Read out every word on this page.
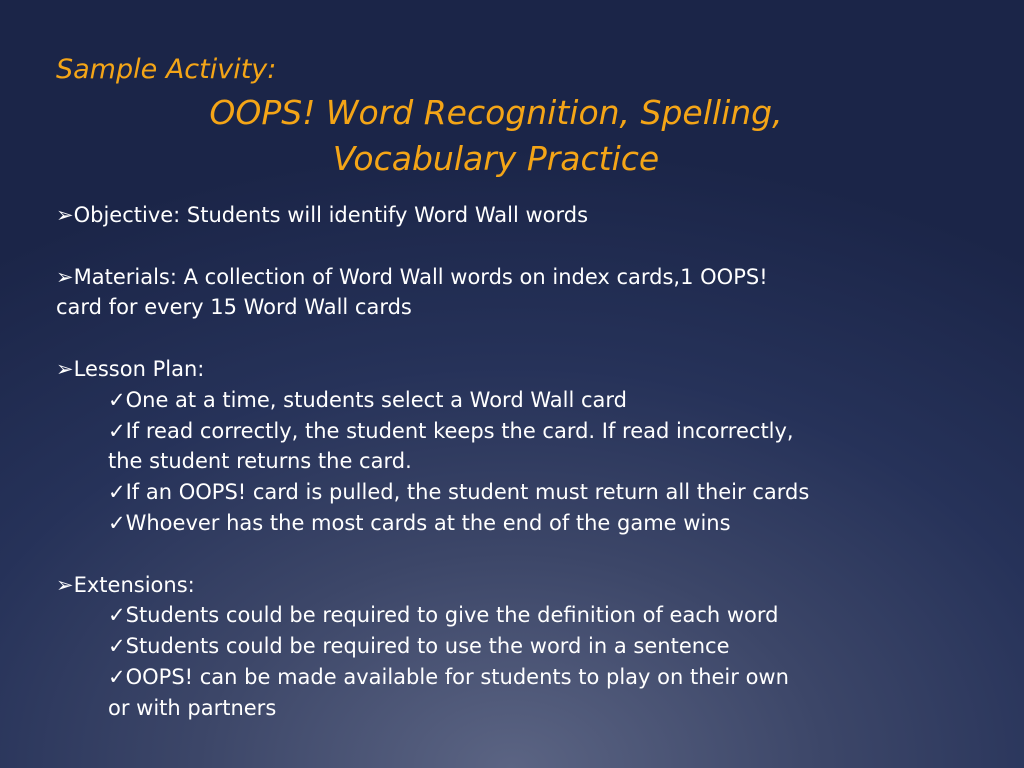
Sample Activity:
OOPS! Word Recognition, Spelling,
Vocabulary Practice
➢Objective: Students will identify Word Wall words
➢Materials: A collection of Word Wall words on index cards,1 OOPS!
card for every 15 Word Wall cards
➢Lesson Plan:
✓One at a time, students select a Word Wall card
✓If read correctly, the student keeps the card. If read incorrectly,
the student returns the card.
✓If an OOPS! card is pulled, the student must return all their cards
✓Whoever has the most cards at the end of the game wins
➢Extensions:
✓Students could be required to give the definition of each word
✓Students could be required to use the word in a sentence
✓OOPS! can be made available for students to play on their own
or with partners
